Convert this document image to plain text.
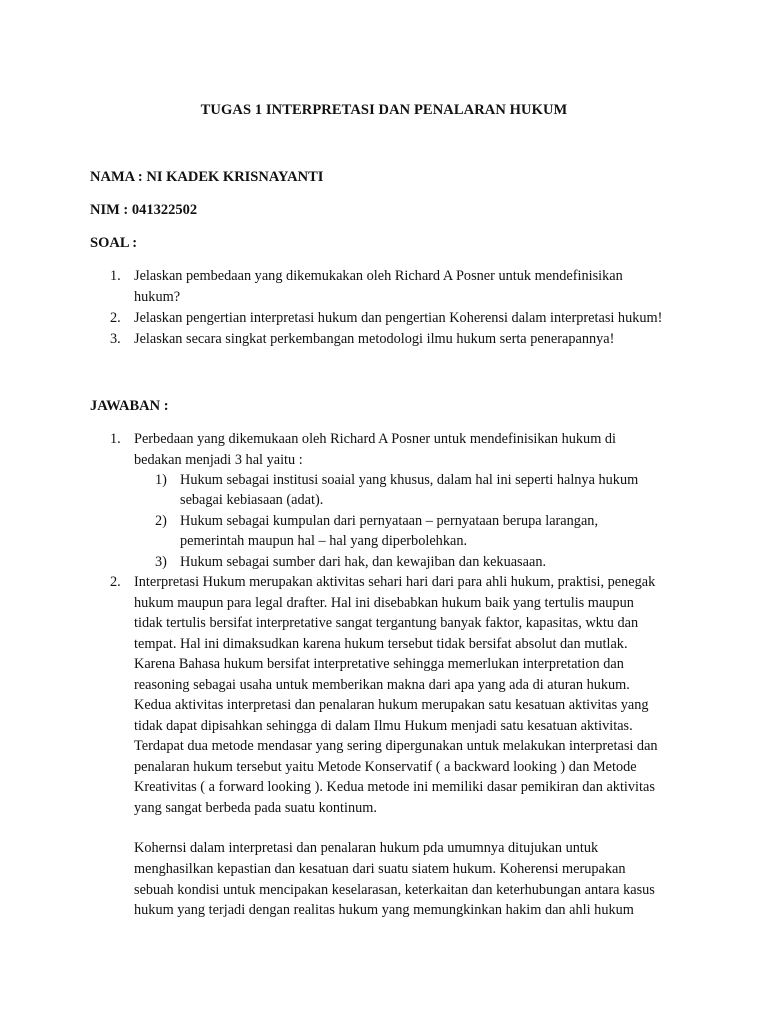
TUGAS 1 INTERPRETASI DAN PENALARAN HUKUM
NAMA : NI KADEK KRISNAYANTI
NIM : 041322502
SOAL :
1. Jelaskan pembedaan yang dikemukakan oleh Richard A Posner untuk mendefinisikan
hukum?
2. Jelaskan pengertian interpretasi hukum dan pengertian Koherensi dalam interpretasi hukum!
3. Jelaskan secara singkat perkembangan metodologi ilmu hukum serta penerapannya!
JAWABAN :
1. Perbedaan yang dikemukaan oleh Richard A Posner untuk mendefinisikan hukum di
bedakan menjadi 3 hal yaitu :
1) Hukum sebagai institusi soaial yang khusus, dalam hal ini seperti halnya hukum
sebagai kebiasaan (adat).
2) Hukum sebagai kumpulan dari pernyataan – pernyataan berupa larangan,
pemerintah maupun hal – hal yang diperbolehkan.
3) Hukum sebagai sumber dari hak, dan kewajiban dan kekuasaan.
2. Interpretasi Hukum merupakan aktivitas sehari hari dari para ahli hukum, praktisi, penegak
hukum maupun para legal drafter. Hal ini disebabkan hukum baik yang tertulis maupun
tidak tertulis bersifat interpretative sangat tergantung banyak faktor, kapasitas, wktu dan
tempat. Hal ini dimaksudkan karena hukum tersebut tidak bersifat absolut dan mutlak.
Karena Bahasa hukum bersifat interpretative sehingga memerlukan interpretation dan
reasoning sebagai usaha untuk memberikan makna dari apa yang ada di aturan hukum.
Kedua aktivitas interpretasi dan penalaran hukum merupakan satu kesatuan aktivitas yang
tidak dapat dipisahkan sehingga di dalam Ilmu Hukum menjadi satu kesatuan aktivitas.
Terdapat dua metode mendasar yang sering dipergunakan untuk melakukan interpretasi dan
penalaran hukum tersebut yaitu Metode Konservatif ( a backward looking ) dan Metode
Kreativitas ( a forward looking ). Kedua metode ini memiliki dasar pemikiran dan aktivitas
yang sangat berbeda pada suatu kontinum.
Kohernsi dalam interpretasi dan penalaran hukum pda umumnya ditujukan untuk
menghasilkan kepastian dan kesatuan dari suatu siatem hukum. Koherensi merupakan
sebuah kondisi untuk mencipakan keselarasan, keterkaitan dan keterhubungan antara kasus
hukum yang terjadi dengan realitas hukum yang memungkinkan hakim dan ahli hukum
